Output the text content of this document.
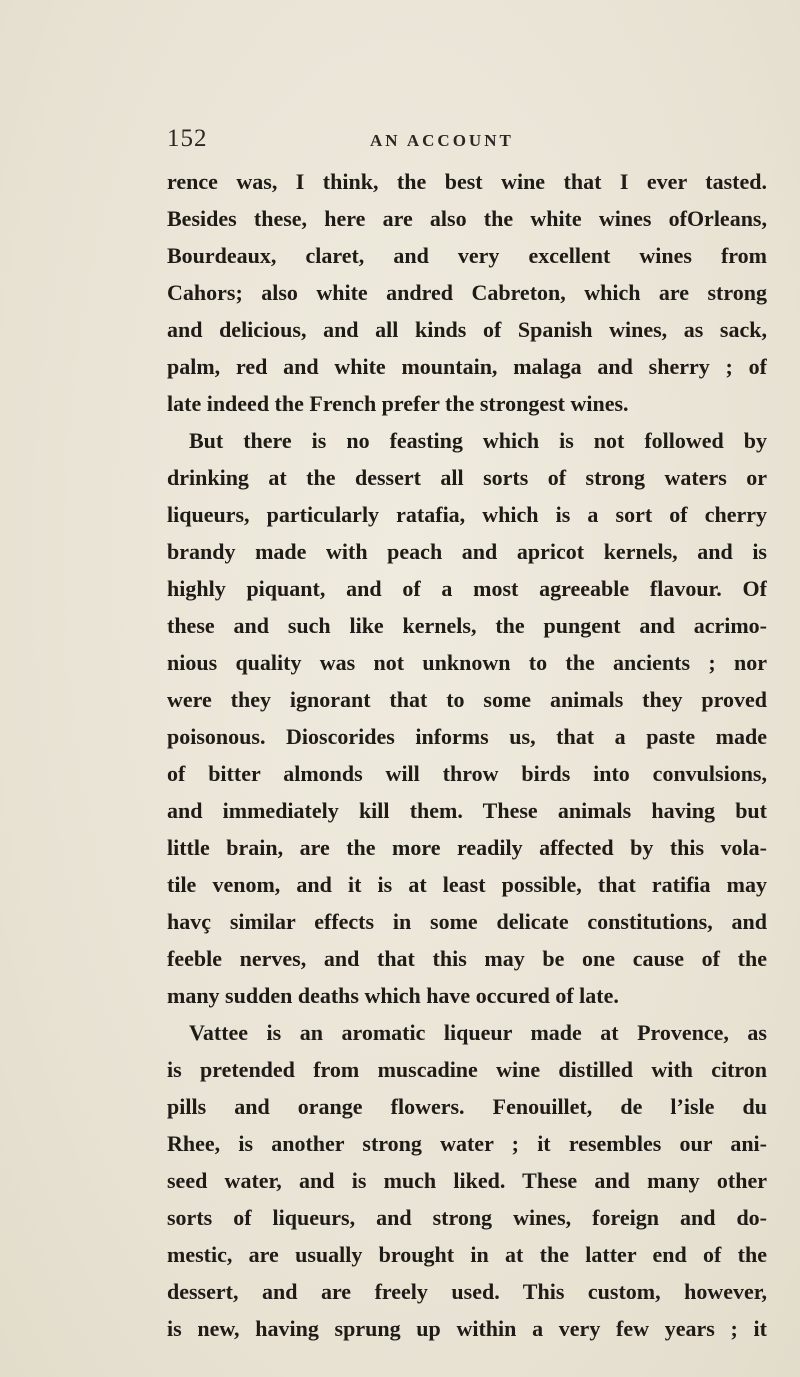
152	AN ACCOUNT
rence was, I think, the best wine that I ever tasted.
Besides these, here are also the white wines ofOrleans,
Bourdeaux, claret, and very excellent wines from
Cahors; also white andred Cabreton, which are strong
and delicious, and all kinds of Spanish wines, as sack,
palm, red and white mountain, malaga and sherry ; of
late indeed the French prefer the strongest wines.
But there is no feasting which is not followed by
drinking at the dessert all sorts of strong waters or
liqueurs, particularly ratafia, which is a sort of cherry
brandy made with peach and apricot kernels, and is
highly piquant, and of a most agreeable flavour. Of
these and such like kernels, the pungent and acrimo-
nious quality was not unknown to the ancients ; nor
were they ignorant that to some animals they proved
poisonous. Dioscorides informs us, that a paste made
of bitter almonds will throw birds into convulsions,
and immediately kill them. These animals having but
little brain, are the more readily affected by this vola-
tile venom, and it is at least possible, that ratifia may
havç similar effects in some delicate constitutions, and
feeble nerves, and that this may be one cause of the
many sudden deaths which have occured of late.
Vattee is an aromatic liqueur made at Provence, as
is pretended from muscadine wine distilled with citron
pills and orange flowers. Fenouillet, de l’isle du
Rhee, is another strong water ; it resembles our ani-
seed water, and is much liked. These and many other
sorts of liqueurs, and strong wines, foreign and do-
mestic, are usually brought in at the latter end of the
dessert, and are freely used. This custom, however,
is new, having sprung up within a very few years ; it
